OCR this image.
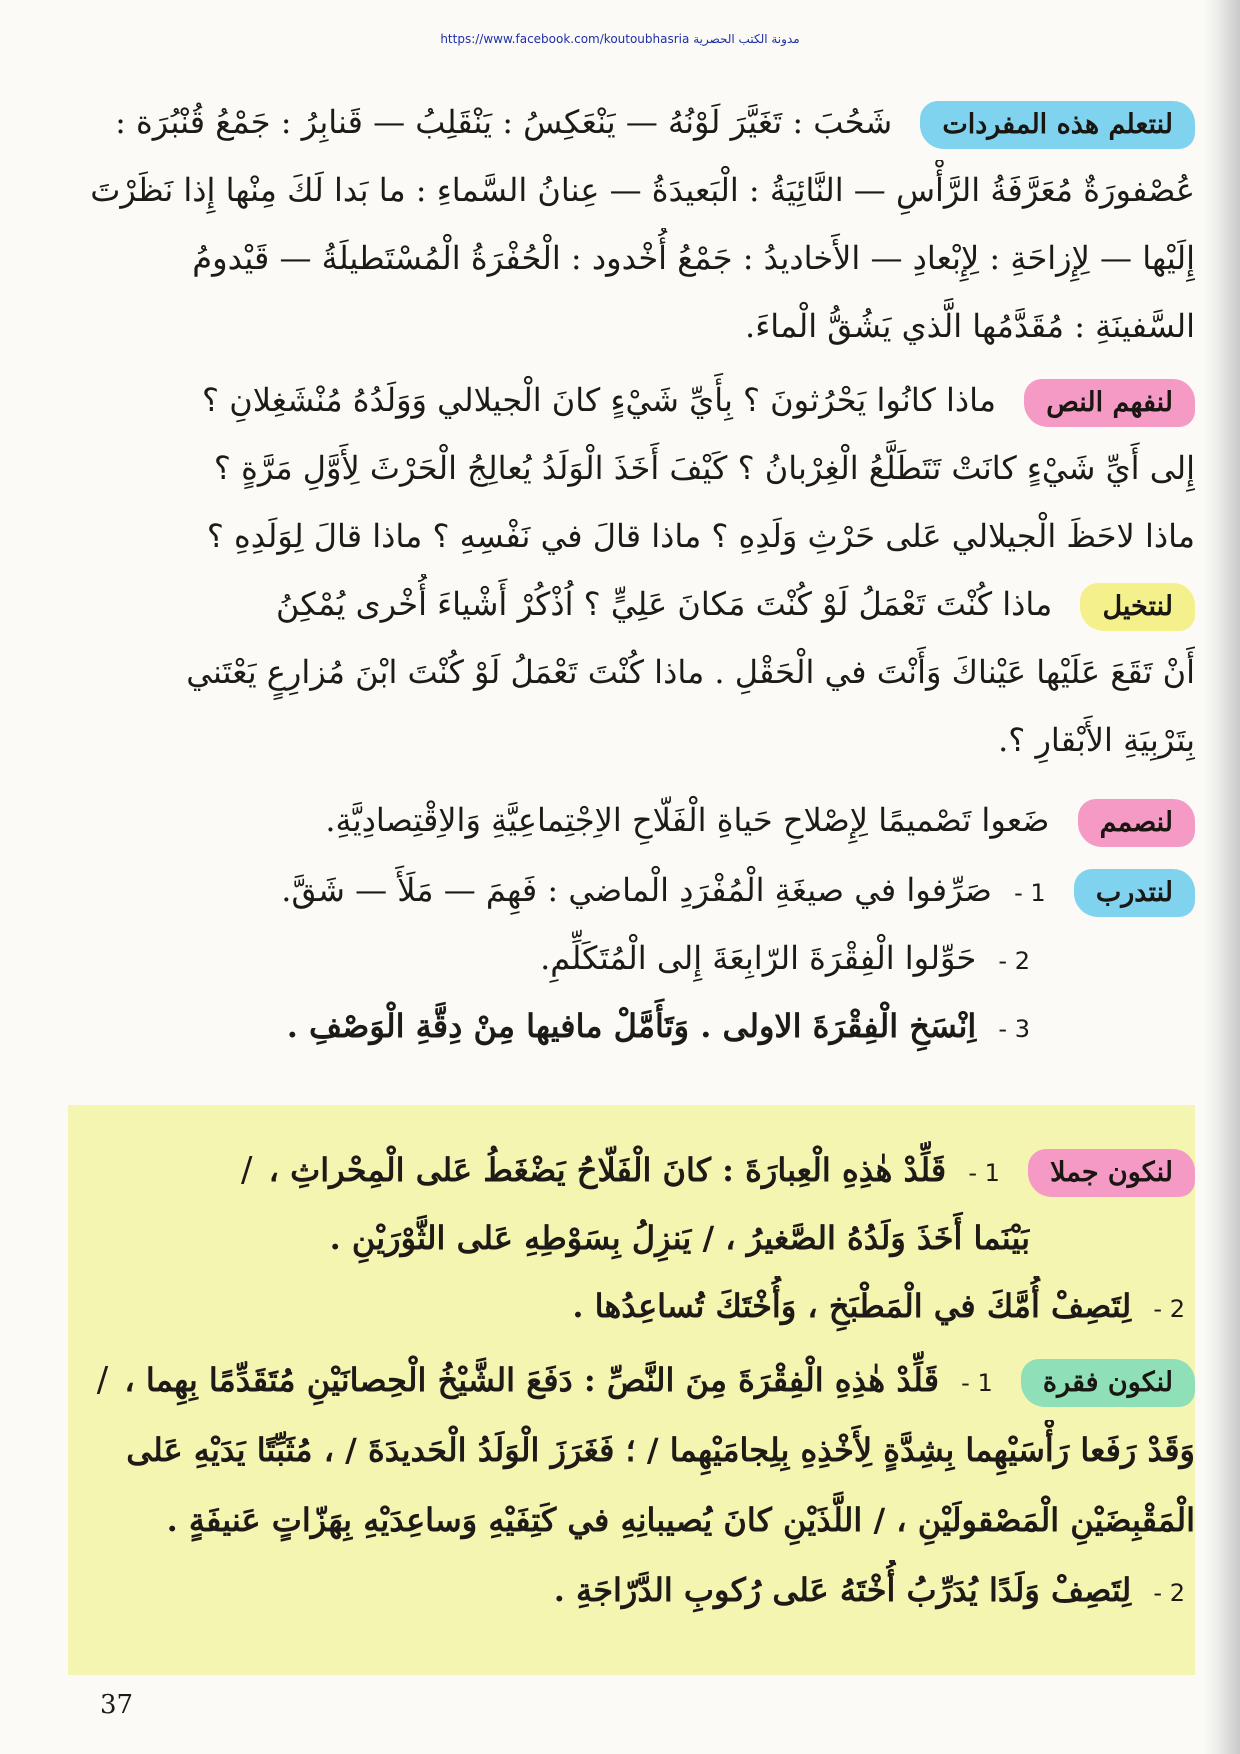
https://www.facebook.com/koutoubhasria مدونة الكتب الحصرية
لنتعلم هذه المفردات شَحُبَ : تَغَيَّرَ لَوْنُهُ — يَنْعَكِسُ : يَنْقَلِبُ — قَنابِرُ : جَمْعُ قُنْبُرَة :
عُصْفورَةٌ مُعَرَّفَةُ الرَّأْسِ — النَّائِيَةُ : الْبَعيدَةُ — عِنانُ السَّماءِ : ما بَدا لَكَ مِنْها إِذا نَظَرْتَ
إِلَيْها — لِإِزاحَةِ : لِإِبْعادِ — الأَخاديدُ : جَمْعُ أُخْدود : الْحُفْرَةُ الْمُسْتَطيلَةُ — قَيْدومُ
السَّفينَةِ : مُقَدَّمُها الَّذي يَشُقُّ الْماءَ.
لنفهم النص ماذا كانُوا يَحْرُثونَ ؟ بِأَيِّ شَيْءٍ كانَ الْجيلالي وَوَلَدُهُ مُنْشَغِلانِ ؟
إِلى أَيِّ شَيْءٍ كانَتْ تَتَطَلَّعُ الْغِرْبانُ ؟ كَيْفَ أَخَذَ الْوَلَدُ يُعالِجُ الْحَرْثَ لِأَوَّلِ مَرَّةٍ ؟
ماذا لاحَظَ الْجيلالي عَلى حَرْثِ وَلَدِهِ ؟ ماذا قالَ في نَفْسِهِ ؟ ماذا قالَ لِوَلَدِهِ ؟
لنتخيل ماذا كُنْتَ تَعْمَلُ لَوْ كُنْتَ مَكانَ عَلِيٍّ ؟ اُذْكُرْ أَشْياءَ أُخْرى يُمْكِنُ
أَنْ تَقَعَ عَلَيْها عَيْناكَ وَأَنْتَ في الْحَقْلِ . ماذا كُنْتَ تَعْمَلُ لَوْ كُنْتَ ابْنَ مُزارِعٍ يَعْتَني
بِتَرْبِيَةِ الأَبْقارِ ؟.
لنصمم ضَعوا تَصْميمًا لِإِصْلاحِ حَياةِ الْفَلّاحِ الاِجْتِماعِيَّةِ وَالاِقْتِصادِيَّةِ.
لنتدرب 1 - صَرِّفوا في صيغَةِ الْمُفْرَدِ الْماضي : فَهِمَ — مَلَأَ — شَقَّ.
2 - حَوِّلوا الْفِقْرَةَ الرّابِعَةَ إِلى الْمُتَكَلِّمِ.
3 - اِنْسَخِ الْفِقْرَةَ الاولى . وَتَأَمَّلْ مافيها مِنْ دِقَّةِ الْوَصْفِ .
لنكون جملا 1 - قَلِّدْ هٰذِهِ الْعِبارَةَ : كانَ الْفَلّاحُ يَضْغَطُ عَلى الْمِحْراثِ ، /
بَيْنَما أَخَذَ وَلَدُهُ الصَّغيرُ ، / يَنزِلُ بِسَوْطِهِ عَلى الثَّوْرَيْنِ .
2 - لِتَصِفْ أُمَّكَ في الْمَطْبَخِ ، وَأُخْتَكَ تُساعِدُها .
لنكون فقرة 1 - قَلِّدْ هٰذِهِ الْفِقْرَةَ مِنَ النَّصِّ : دَفَعَ الشَّيْخُ الْحِصانَيْنِ مُتَقَدِّمًا بِهِما ، /
وَقَدْ رَفَعا رَأْسَيْهِما بِشِدَّةٍ لِأَخْذِهِ بِلِجامَيْهِما / ؛ فَغَرَزَ الْوَلَدُ الْحَديدَةَ / ، مُثَبِّتًا يَدَيْهِ عَلى
الْمَقْبِضَيْنِ الْمَصْقولَيْنِ ، / اللَّذَيْنِ كانَ يُصيبانِهِ في كَتِفَيْهِ وَساعِدَيْهِ بِهَزّاتٍ عَنيفَةٍ .
2 - لِتَصِفْ وَلَدًا يُدَرِّبُ أُخْتَهُ عَلى رُكوبِ الدَّرّاجَةِ .
37
